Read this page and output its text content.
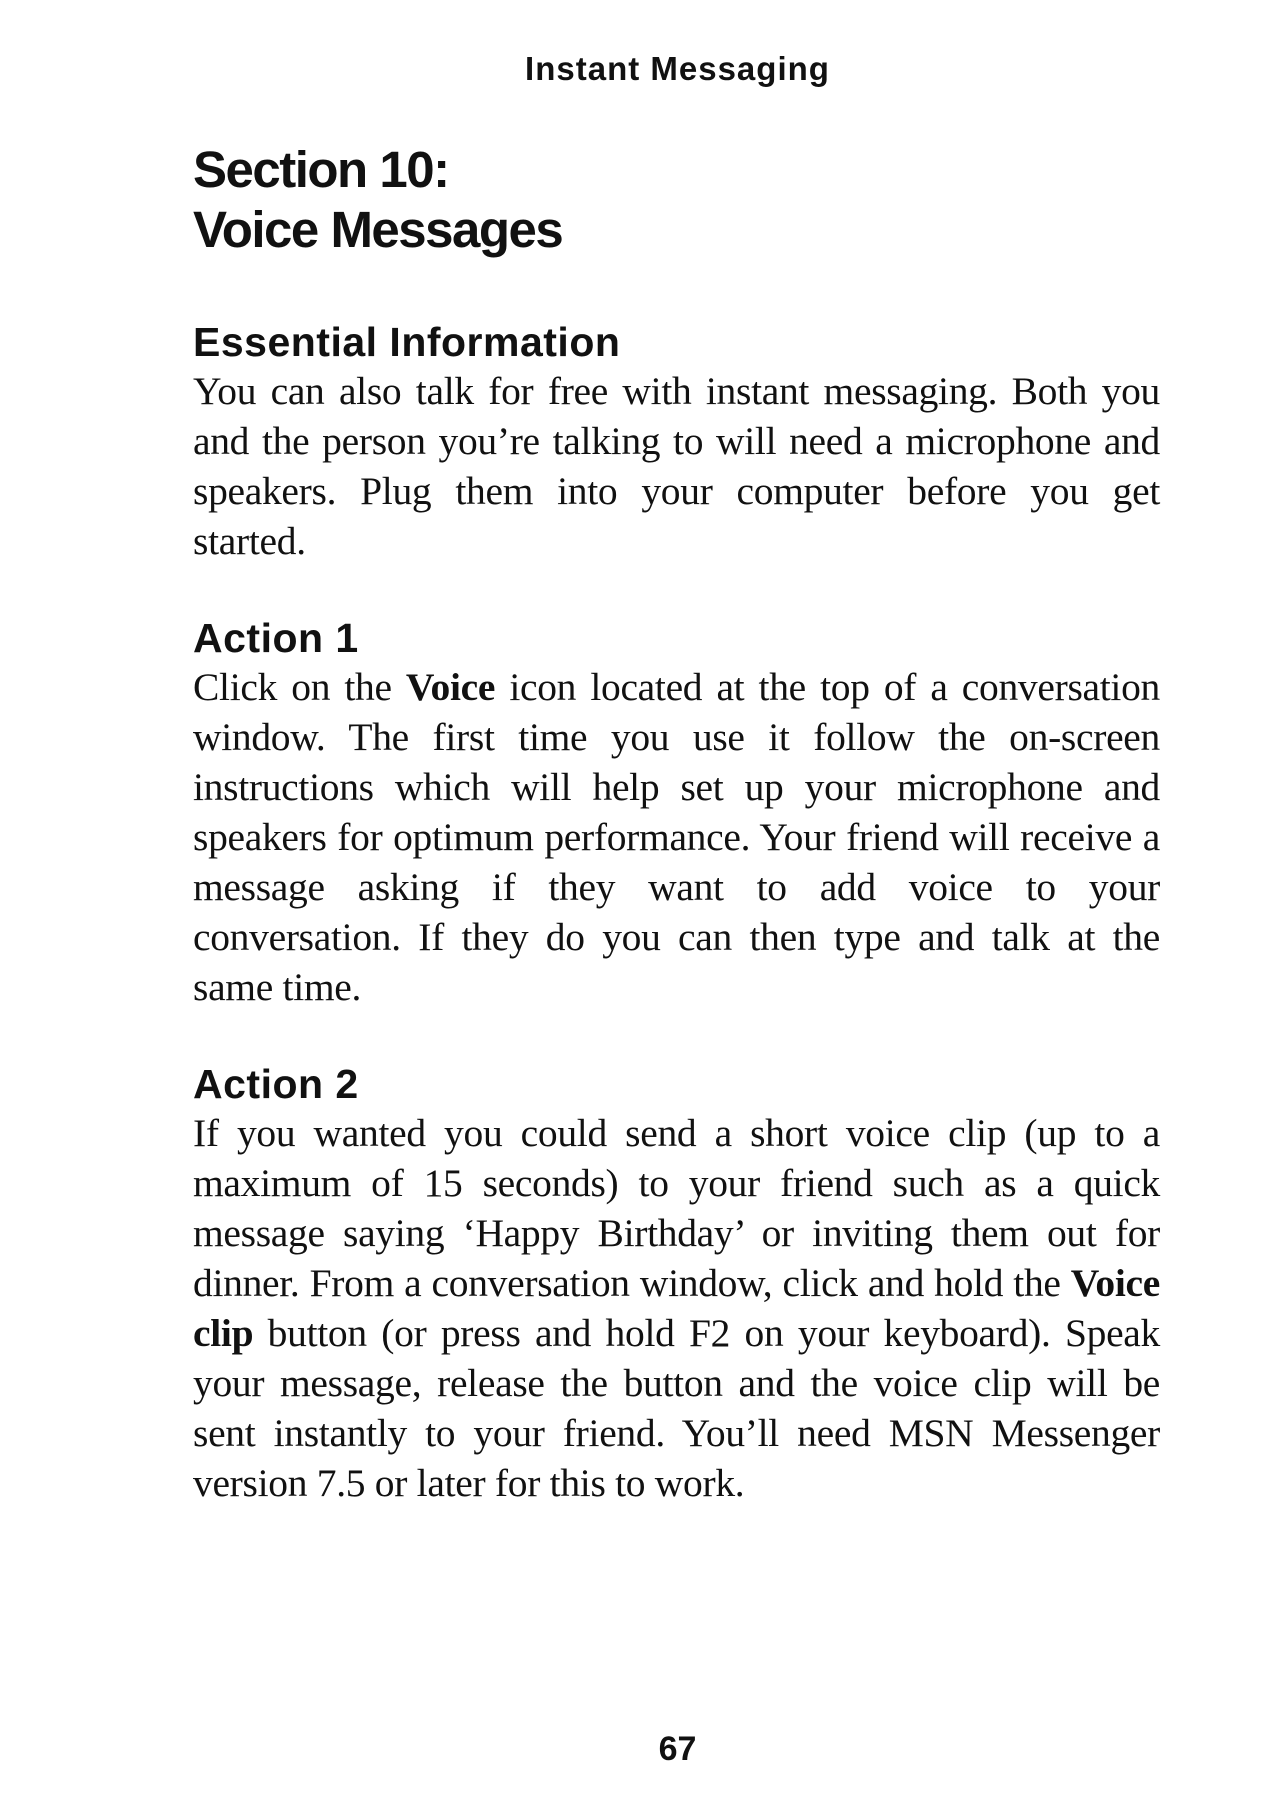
Instant Messaging
Section 10:
Voice Messages
Essential Information

You can also talk for free with instant messaging. Both you and the person you’re talking to will need a microphone and speakers. Plug them into your computer before you get started.

Action 1

Click on the Voice icon located at the top of a conversation window. The first time you use it follow the on-screen instructions which will help set up your microphone and speakers for optimum performance. Your friend will receive a message asking if they want to add voice to your conversation. If they do you can then type and talk at the same time.

Action 2

If you wanted you could send a short voice clip (up to a maximum of 15 seconds) to your friend such as a quick message saying ‘Happy Birthday’ or inviting them out for dinner. From a conversation window, click and hold the Voice clip button (or press and hold F2 on your keyboard). Speak your message, release the button and the voice clip will be sent instantly to your friend. You’ll need MSN Messenger version 7.5 or later for this to work.

67
